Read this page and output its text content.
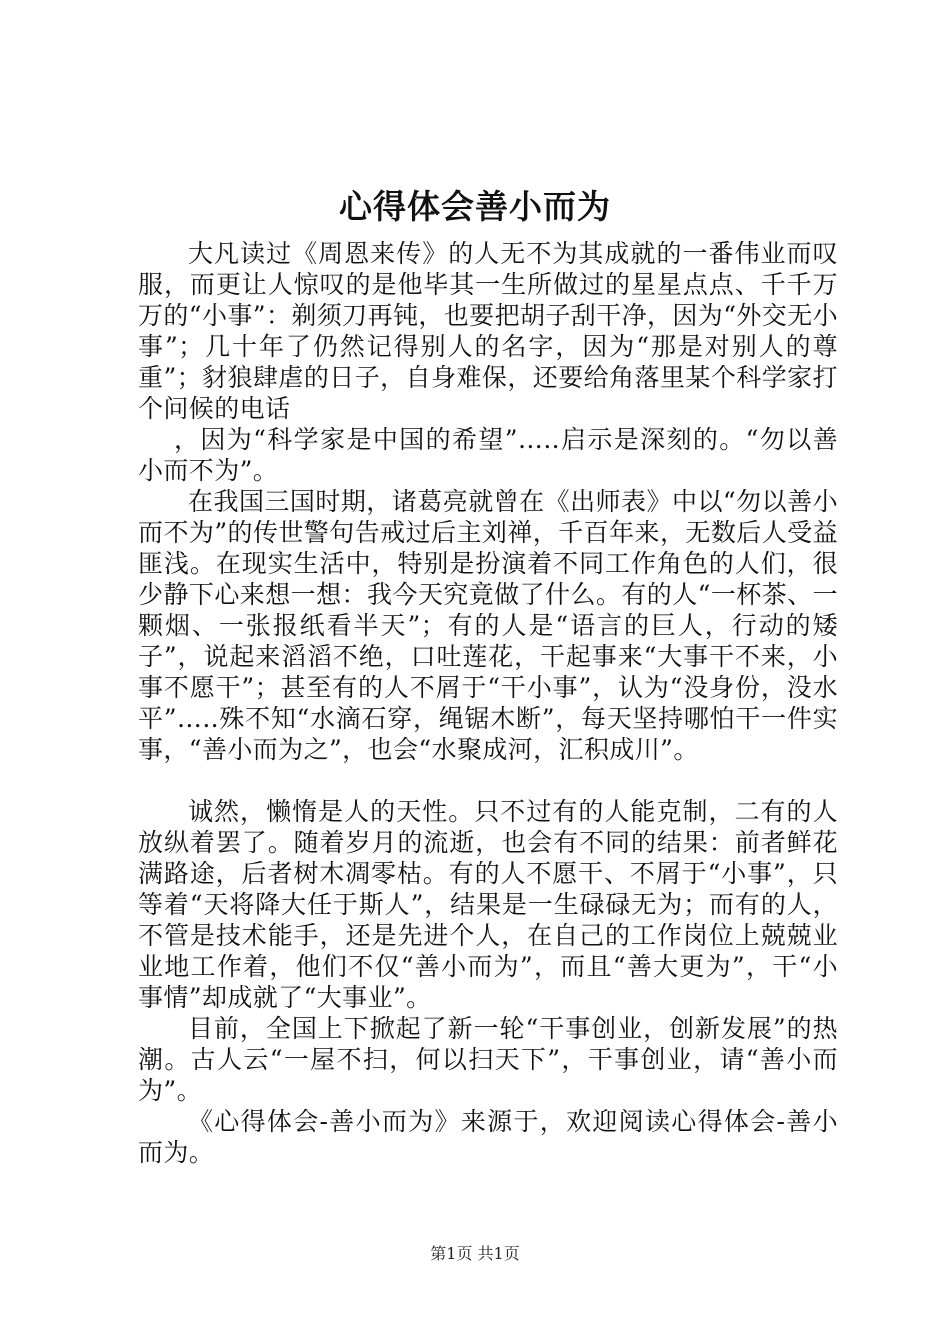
心得体会善小而为

大凡读过《周恩来传》的人无不为其成就的一番伟业而叹服，而更让人惊叹的是他毕其一生所做过的星星点点、千千万万的“小事”：剃须刀再钝，也要把胡子刮干净，因为“外交无小事”；几十年了仍然记得别人的名字，因为“那是对别人的尊重”；豺狼肆虐的日子，自身难保，还要给角落里某个科学家打个问候的电话

，因为“科学家是中国的希望”…..启示是深刻的。“勿以善小而不为”。

在我国三国时期，诸葛亮就曾在《出师表》中以“勿以善小而不为”的传世警句告戒过后主刘禅，千百年来，无数后人受益匪浅。在现实生活中，特别是扮演着不同工作角色的人们，很少静下心来想一想：我今天究竟做了什么。有的人“一杯茶、一颗烟、一张报纸看半天”；有的人是“语言的巨人，行动的矮子”，说起来滔滔不绝，口吐莲花，干起事来“大事干不来，小事不愿干”；甚至有的人不屑于“干小事”，认为“没身份，没水平”…..殊不知“水滴石穿，绳锯木断”，每天坚持哪怕干一件实事，“善小而为之”，也会“水聚成河，汇积成川”。

诚然，懒惰是人的天性。只不过有的人能克制，二有的人放纵着罢了。随着岁月的流逝，也会有不同的结果：前者鲜花满路途，后者树木凋零枯。有的人不愿干、不屑于“小事”，只等着“天将降大任于斯人”，结果是一生碌碌无为；而有的人，不管是技术能手，还是先进个人，在自己的工作岗位上兢兢业业地工作着，他们不仅“善小而为”，而且“善大更为”，干“小事情”却成就了“大事业”。

目前，全国上下掀起了新一轮“干事创业，创新发展”的热潮。古人云“一屋不扫，何以扫天下”，干事创业，请“善小而为”。

《心得体会-善小而为》来源于，欢迎阅读心得体会-善小而为。

第1页 共1页
